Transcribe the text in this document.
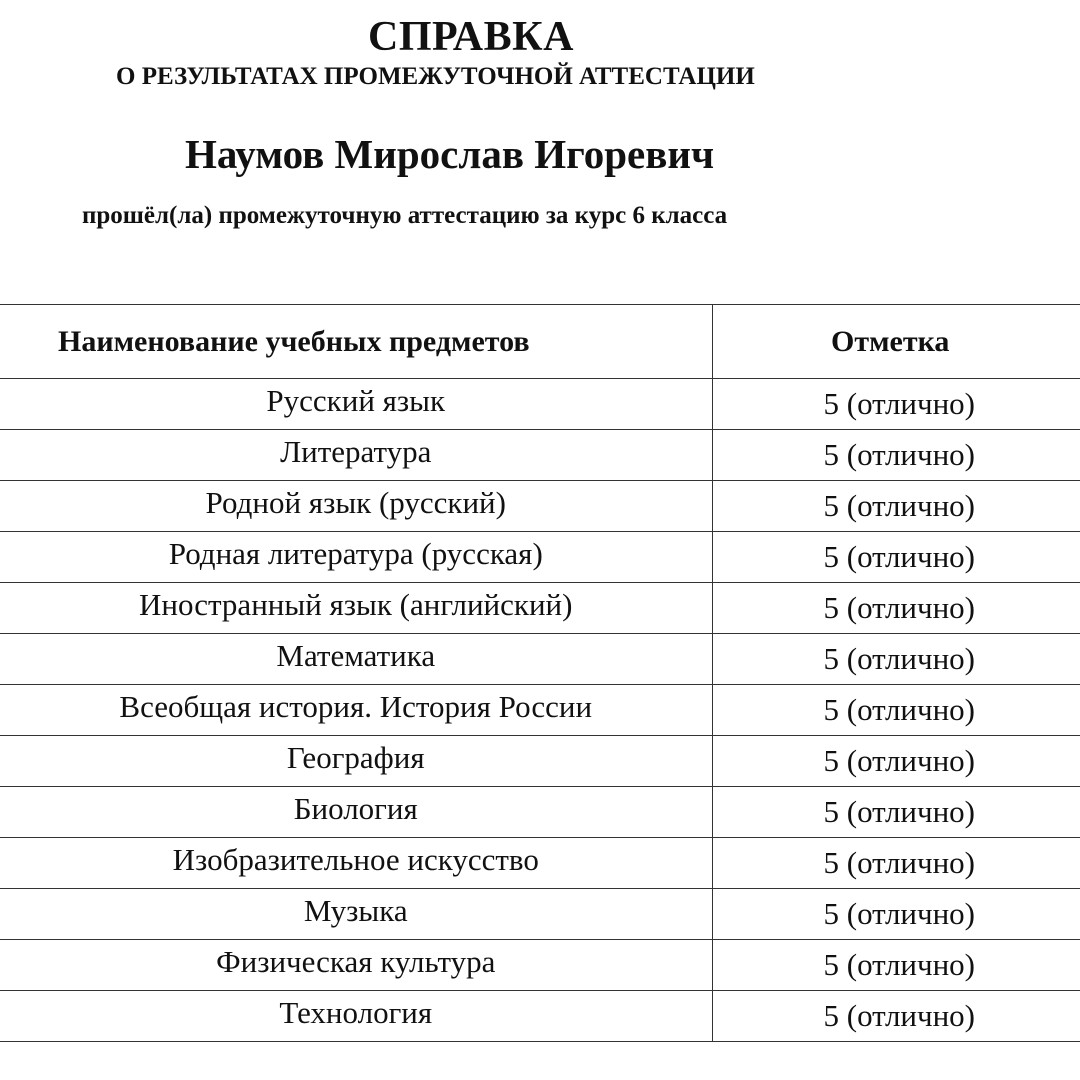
СПРАВКА
О РЕЗУЛЬТАТАХ ПРОМЕЖУТОЧНОЙ АТТЕСТАЦИИ
Наумов Мирослав Игоревич
прошёл(ла) промежуточную аттестацию за курс 6 класса
Наименование учебных предметов	Отметка
Русский язык	5 (отлично)
Литература	5 (отлично)
Родной язык (русский)	5 (отлично)
Родная литература (русская)	5 (отлично)
Иностранный язык (английский)	5 (отлично)
Математика	5 (отлично)
Всеобщая история. История России	5 (отлично)
География	5 (отлично)
Биология	5 (отлично)
Изобразительное искусство	5 (отлично)
Музыка	5 (отлично)
Физическая культура	5 (отлично)
Технология	5 (отлично)
